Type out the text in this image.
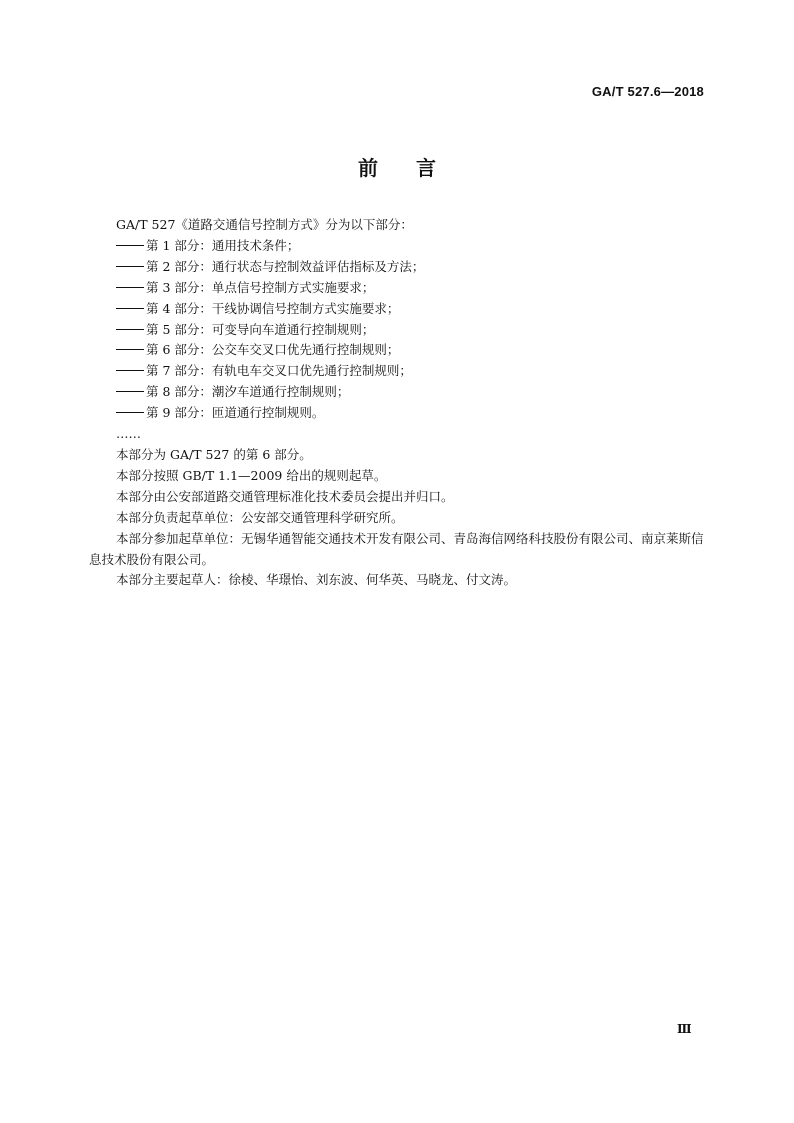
GA/T 527.6—2018
前言

GA/T 527《道路交通信号控制方式》分为以下部分：

第 1 部分：通用技术条件；

第 2 部分：通行状态与控制效益评估指标及方法；

第 3 部分：单点信号控制方式实施要求；

第 4 部分：干线协调信号控制方式实施要求；

第 5 部分：可变导向车道通行控制规则；

第 6 部分：公交车交叉口优先通行控制规则；

第 7 部分：有轨电车交叉口优先通行控制规则；

第 8 部分：潮汐车道通行控制规则；

第 9 部分：匝道通行控制规则。

……

本部分为 GA/T 527 的第 6 部分。

本部分按照 GB/T 1.1—2009 给出的规则起草。

本部分由公安部道路交通管理标准化技术委员会提出并归口。

本部分负责起草单位：公安部交通管理科学研究所。

本部分参加起草单位：无锡华通智能交通技术开发有限公司、青岛海信网络科技股份有限公司、南京莱斯信息技术股份有限公司。

本部分主要起草人：徐棱、华璟怡、刘东波、何华英、马晓龙、付文涛。

Ⅲ
